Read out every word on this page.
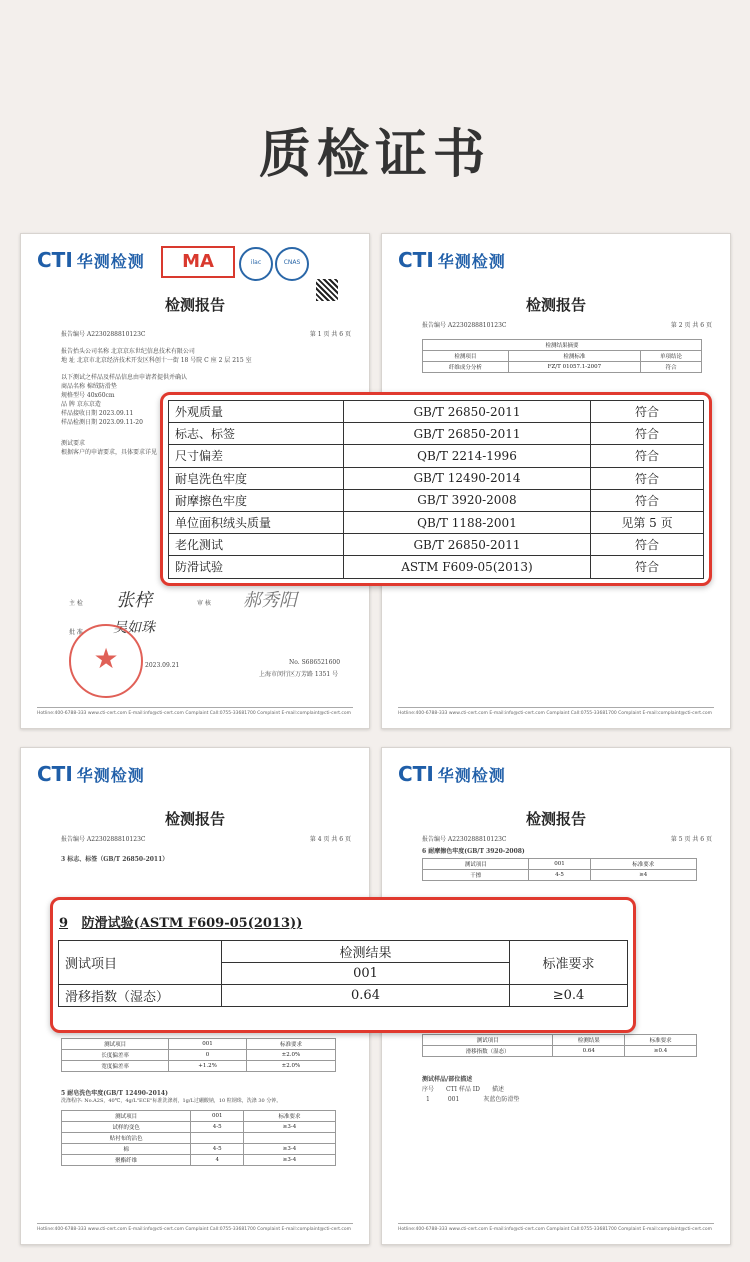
质检证书
CTI 华测检测	MA	ilac	CNAS
检测报告
报告编号 A2230288810123C	第 1 页 共 6 页
报告抬头公司名称 北京京东世纪信息技术有限公司
地 址 北京市北京经济技术开发区科创十一街 18 号院 C 座 2 层 215 室
以下测试之样品及样品信息由申请者提供并确认
商品名称 棉绒防滑垫
规格型号 40x60cm
品 牌 京东京造
样品接收日期 2023.09.11
样品检测日期 2023.09.11-20
测试要求
根据客户的申请要求，具体要求详见
主 检 张梓	审 核 郝秀阳
批 准 吴如珠
★	2023.09.21	No. S686521600
上海市闵行区万芳路 1351 号
Hotline:400-6788-333 www.cti-cert.com E-mail:info@cti-cert.com Complaint Call:0755-33681700 Complaint E-mail:complaint@cti-cert.com
CTI 华测检测
检测报告
报告编号 A2230288810123C	第 2 页 共 6 页
检测结果摘要		
检测项目	检测标准	单项结论
纤维成分分析	FZ/T 01057.1-2007	符合
Hotline:400-6788-333 www.cti-cert.com E-mail:info@cti-cert.com Complaint Call:0755-33681700 Complaint E-mail:complaint@cti-cert.com
CTI 华测检测
检测报告
报告编号 A2230288810123C	第 4 页 共 6 页
3 标志、标签（GB/T 26850-2011）
测试项目	001	标准要求
长度偏差率	0	±2.0%
宽度偏差率	+1.2%	±2.0%
5 耐皂洗色牢度(GB/T 12490-2014)
洗涤程序: No.A2S，40℃，4g/L"ECE"标准洗涤剂，1g/L过硼酸钠，10 粒钢珠，洗涤 30 分钟。
测试项目	001	标准要求
试样的变色	4-5	≥3-4
贴衬布的沾色		
棉	4-5	≥3-4
聚酯纤维	4	≥3-4
Hotline:400-6788-333 www.cti-cert.com E-mail:info@cti-cert.com Complaint Call:0755-33681700 Complaint E-mail:complaint@cti-cert.com
CTI 华测检测
检测报告
报告编号 A2230288810123C	第 5 页 共 6 页
6 耐摩擦色牢度(GB/T 3920-2008)
测试项目	001	标准要求
干擦	4-5	≥4
测试项目	检测结果	标准要求
滑移指数（湿态）	0.64	≥0.4
测试样品/部位描述
序号　　 CTI 样品 ID　　 描述
1　　　	001　　　　	灰蓝色防滑垫
Hotline:400-6788-333 www.cti-cert.com E-mail:info@cti-cert.com Complaint Call:0755-33681700 Complaint E-mail:complaint@cti-cert.com
外观质量	GB/T 26850-2011	符合
标志、标签	GB/T 26850-2011	符合
尺寸偏差	QB/T 2214-1996	符合
耐皂洗色牢度	GB/T 12490-2014	符合
耐摩擦色牢度	GB/T 3920-2008	符合
单位面积绒头质量	QB/T 1188-2001	见第 5 页
老化测试	GB/T 26850-2011	符合
防滑试验	ASTM F609-05(2013)	符合
9 防滑试验(ASTM F609-05(2013))
测试项目	检测结果	标准要求
	001	
滑移指数（湿态）	0.64	≥0.4
